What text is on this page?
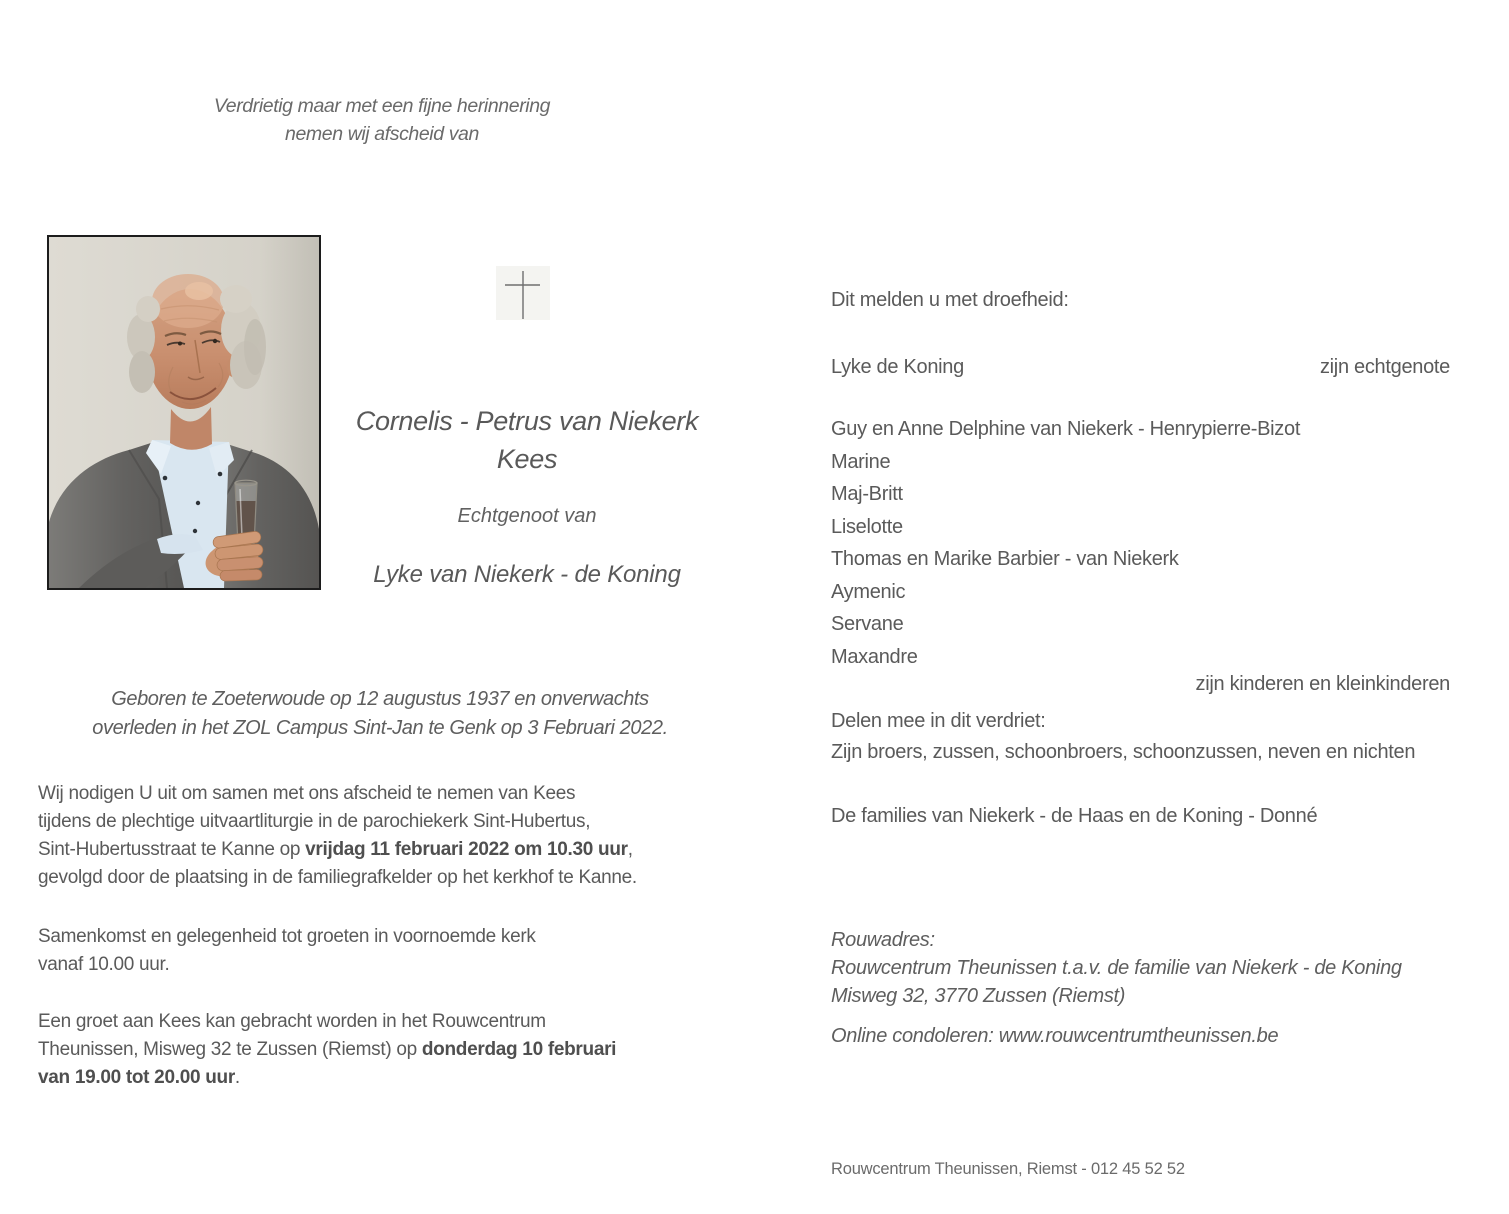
Verdrietig maar met een fijne herinnering
nemen wij afscheid van
Cornelis - Petrus van Niekerk
Kees
Echtgenoot van
Lyke van Niekerk - de Koning
Geboren te Zoeterwoude op 12 augustus 1937 en onverwachts
overleden in het ZOL Campus Sint-Jan te Genk op 3 Februari 2022.
Wij nodigen U uit om samen met ons afscheid te nemen van Kees
tijdens de plechtige uitvaartliturgie in de parochiekerk Sint-Hubertus,
Sint-Hubertusstraat te Kanne op vrijdag 11 februari 2022 om 10.30 uur,
gevolgd door de plaatsing in de familiegrafkelder op het kerkhof te Kanne.
Samenkomst en gelegenheid tot groeten in voornoemde kerk
vanaf 10.00 uur.
Een groet aan Kees kan gebracht worden in het Rouwcentrum
Theunissen, Misweg 32 te Zussen (Riemst) op donderdag 10 februari
van 19.00 tot 20.00 uur.
Dit melden u met droefheid:
Lyke de Koning	zijn echtgenote
Guy en Anne Delphine van Niekerk - Henrypierre-Bizot
Marine
Maj-Britt
Liselotte
Thomas en Marike Barbier - van Niekerk
Aymenic
Servane
Maxandre
zijn kinderen en kleinkinderen
Delen mee in dit verdriet:
Zijn broers, zussen, schoonbroers, schoonzussen, neven en nichten
De families van Niekerk - de Haas en de Koning - Donné
Rouwadres:
Rouwcentrum Theunissen t.a.v. de familie van Niekerk - de Koning
Misweg 32, 3770 Zussen (Riemst)
Online condoleren: www.rouwcentrumtheunissen.be
Rouwcentrum Theunissen, Riemst - 012 45 52 52
